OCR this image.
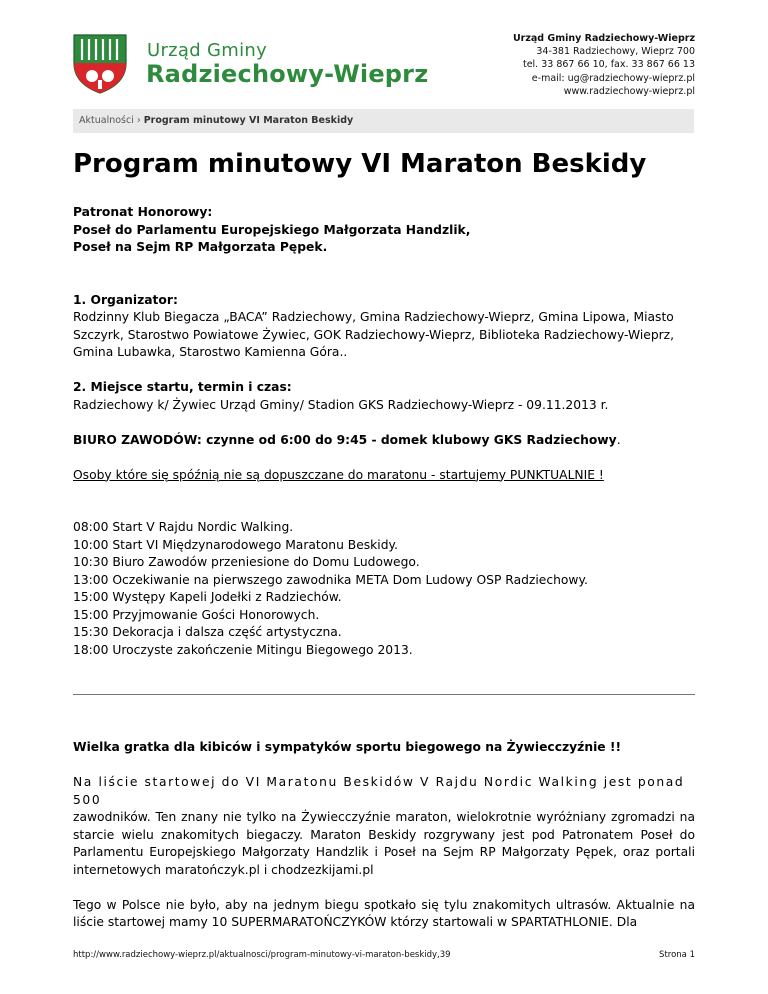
Urząd Gminy
Radziechowy-Wieprz
Urząd Gminy Radziechowy-Wieprz
34-381 Radziechowy, Wieprz 700
tel. 33 867 66 10, fax. 33 867 66 13
e-mail: ug@radziechowy-wieprz.pl
www.radziechowy-wieprz.pl
Aktualności › Program minutowy VI Maraton Beskidy
Program minutowy VI Maraton Beskidy

Patronat Honorowy:

Poseł do Parlamentu Europejskiego Małgorzata Handzlik,

Poseł na Sejm RP Małgorzata Pępek.

1. Organizator:

Rodzinny Klub Biegacza „BACA” Radziechowy, Gmina Radziechowy-Wieprz, Gmina Lipowa, Miasto Szczyrk, Starostwo Powiatowe Żywiec, GOK Radziechowy-Wieprz, Biblioteka Radziechowy-Wieprz, Gmina Lubawka, Starostwo Kamienna Góra..

2. Miejsce startu, termin i czas:

Radziechowy k/ Żywiec Urząd Gminy/ Stadion GKS Radziechowy-Wieprz - 09.11.2013 r.

BIURO ZAWODÓW: czynne od 6:00 do 9:45 - domek klubowy GKS Radziechowy.

Osoby które się spóźnią nie są dopuszczane do maratonu - startujemy PUNKTUALNIE !

08:00 Start V Rajdu Nordic Walking.

10:00 Start VI Międzynarodowego Maratonu Beskidy.

10:30 Biuro Zawodów przeniesione do Domu Ludowego.

13:00 Oczekiwanie na pierwszego zawodnika META Dom Ludowy OSP Radziechowy.

15:00 Występy Kapeli Jodełki z Radziechów.

15:00 Przyjmowanie Gości Honorowych.

15:30 Dekoracja i dalsza część artystyczna.

18:00 Uroczyste zakończenie Mitingu Biegowego 2013.

Wielka gratka dla kibiców i sympatyków sportu biegowego na Żywiecczyźnie !!

Na liście startowej do VI Maratonu Beskidów V Rajdu Nordic Walking jest ponad 500

zawodników. Ten znany nie tylko na Żywiecczyźnie maraton, wielokrotnie wyróżniany zgromadzi na starcie wielu znakomitych biegaczy. Maraton Beskidy rozgrywany jest pod Patronatem Poseł do Parlamentu Europejskiego Małgorzaty Handzlik i Poseł na Sejm RP Małgorzaty Pępek, oraz portali internetowych maratończyk.pl i chodzezkijami.pl

Tego w Polsce nie było, aby na jednym biegu spotkało się tylu znakomitych ultrasów. Aktualnie na liście startowej mamy 10 SUPERMARATOŃCZYKÓW którzy startowali w SPARTATHLONIE. Dla

http://www.radziechowy-wieprz.pl/aktualnosci/program-minutowy-vi-maraton-beskidy,39	Strona 1
